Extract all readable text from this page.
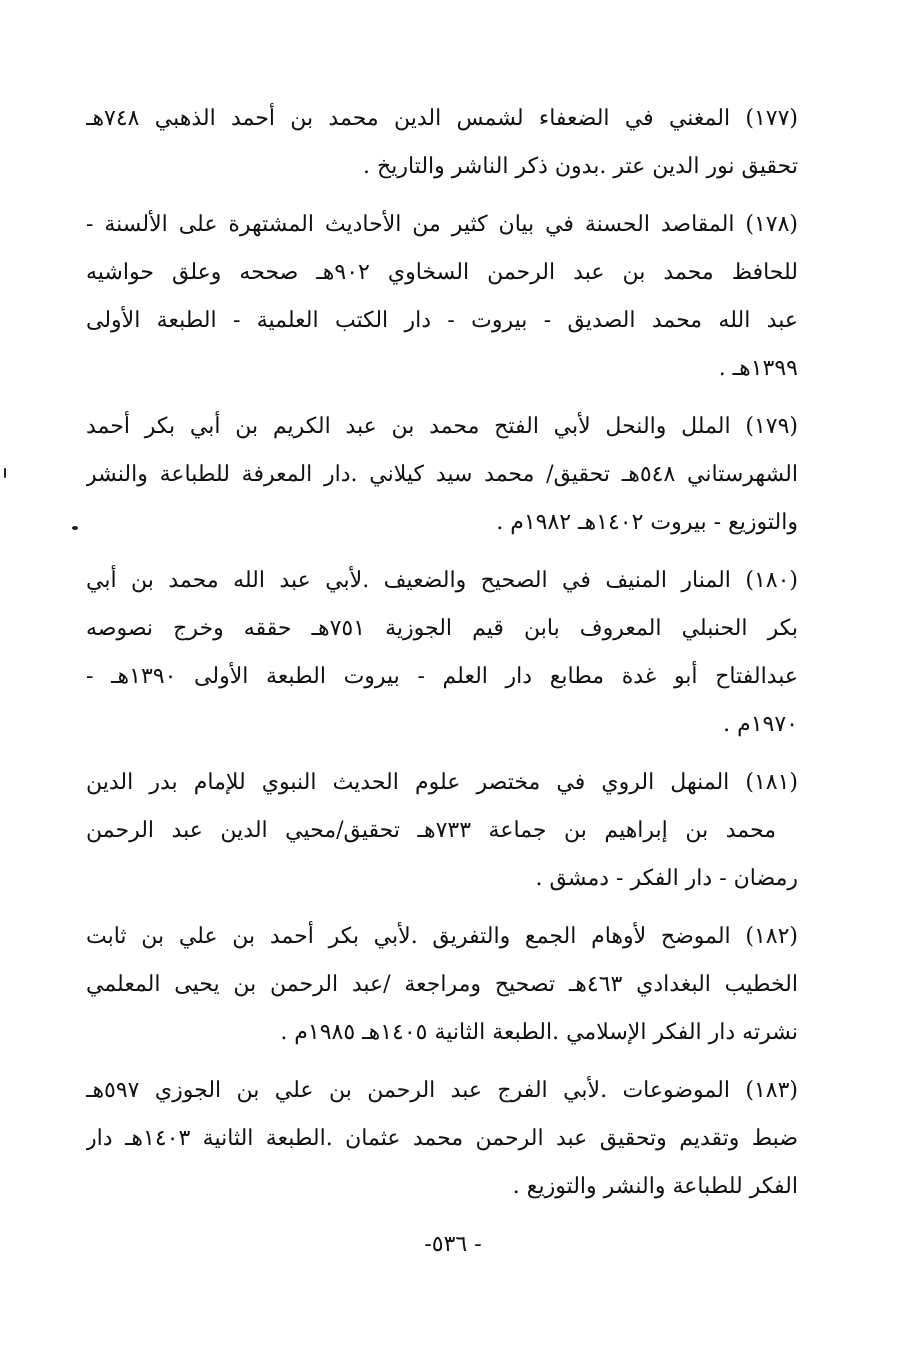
(١٧٧) المغني في الضعفاء لشمس الدين محمد بن أحمد الذهبي ٧٤٨هـ
تحقيق نور الدين عتر .بدون ذكر الناشر والتاريخ .
(١٧٨) المقاصد الحسنة في بيان كثير من الأحاديث المشتهرة على الألسنة -
للحافظ محمد بن عبد الرحمن السخاوي ٩٠٢هـ صححه وعلق حواشيه
عبد الله محمد الصديق - بيروت - دار الكتب العلمية - الطبعة الأولى
١٣٩٩هـ .
(١٧٩) الملل والنحل لأبي الفتح محمد بن عبد الكريم بن أبي بكر أحمد
الشهرستاني ٥٤٨هـ تحقيق/ محمد سيد كيلاني .دار المعرفة للطباعة والنشر
والتوزيع - بيروت ١٤٠٢هـ ١٩٨٢م .
(١٨٠) المنار المنيف في الصحيح والضعيف .لأبي عبد الله محمد بن أبي
بكر الحنبلي المعروف بابن قيم الجوزية ٧٥١هـ حققه وخرج نصوصه
عبدالفتاح أبو غدة مطابع دار العلم - بيروت الطبعة الأولى ١٣٩٠هـ -
١٩٧٠م .
(١٨١) المنهل الروي في مختصر علوم الحديث النبوي للإمام بدر الدين
محمد بن إبراهيم بن جماعة ٧٣٣هـ تحقيق/محيي الدين عبد الرحمن
رمضان - دار الفكر - دمشق .
(١٨٢) الموضح لأوهام الجمع والتفريق .لأبي بكر أحمد بن علي بن ثابت
الخطيب البغدادي ٤٦٣هـ تصحيح ومراجعة /عبد الرحمن بن يحيى المعلمي
نشرته دار الفكر الإسلامي .الطبعة الثانية ١٤٠٥هـ ١٩٨٥م .
(١٨٣) الموضوعات .لأبي الفرج عبد الرحمن بن علي بن الجوزي ٥٩٧هـ
ضبط وتقديم وتحقيق عبد الرحمن محمد عثمان .الطبعة الثانية ١٤٠٣هـ دار
الفكر للطباعة والنشر والتوزيع .
- ٥٣٦-
